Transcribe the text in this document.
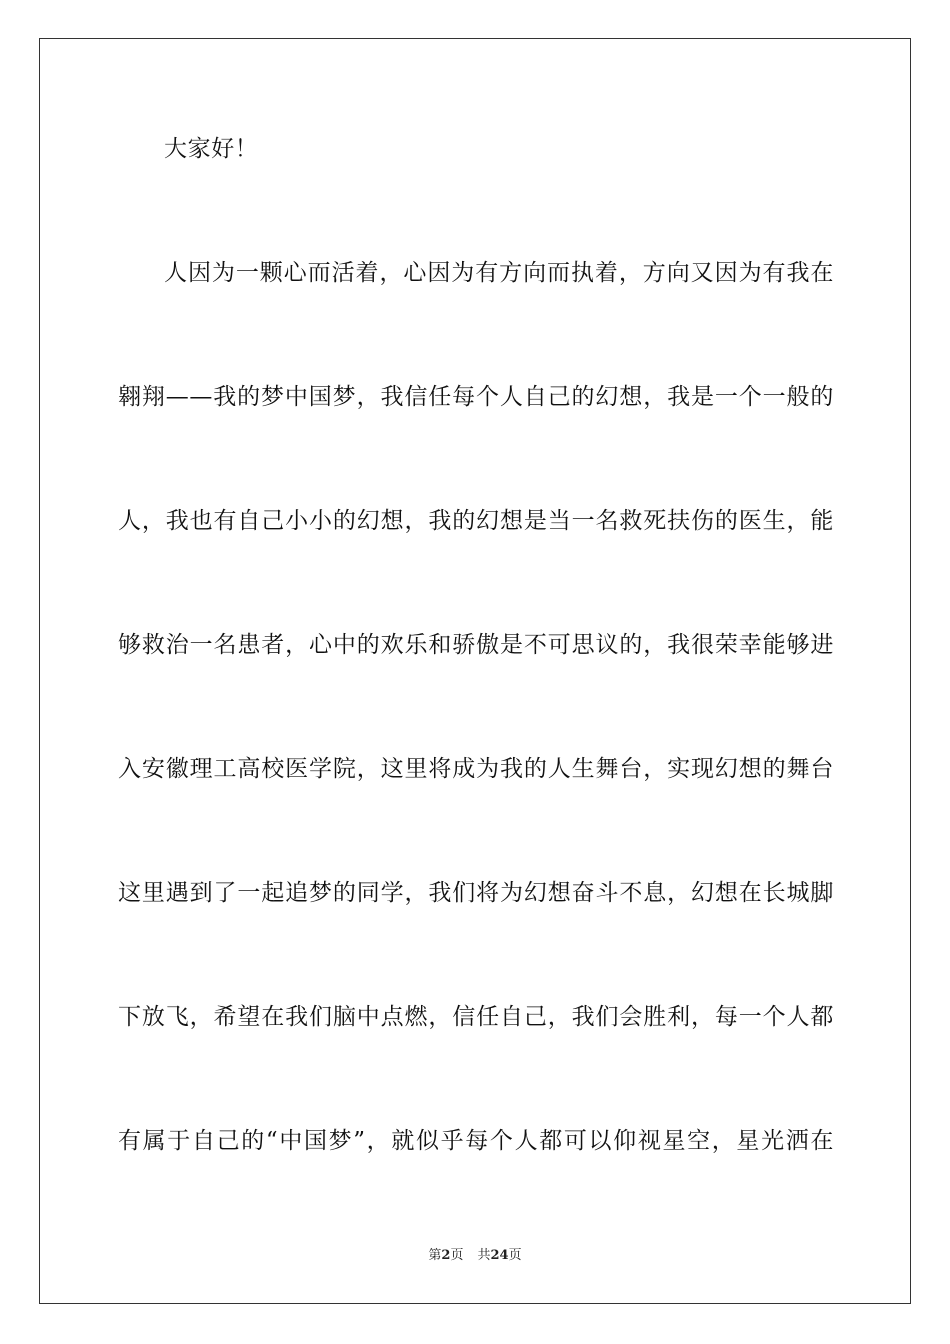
大家好！
人因为一颗心而活着，心因为有方向而执着，方向又因为有我在
翱翔——我的梦中国梦，我信任每个人自己的幻想，我是一个一般的
人，我也有自己小小的幻想，我的幻想是当一名救死扶伤的医生，能
够救治一名患者，心中的欢乐和骄傲是不可思议的，我很荣幸能够进
入安徽理工高校医学院，这里将成为我的人生舞台，实现幻想的舞台
这里遇到了一起追梦的同学，我们将为幻想奋斗不息，幻想在长城脚
下放飞，希望在我们脑中点燃，信任自己，我们会胜利，每一个人都
有属于自己的“中国梦”，就似乎每个人都可以仰视星空，星光洒在
第2页 共24页
